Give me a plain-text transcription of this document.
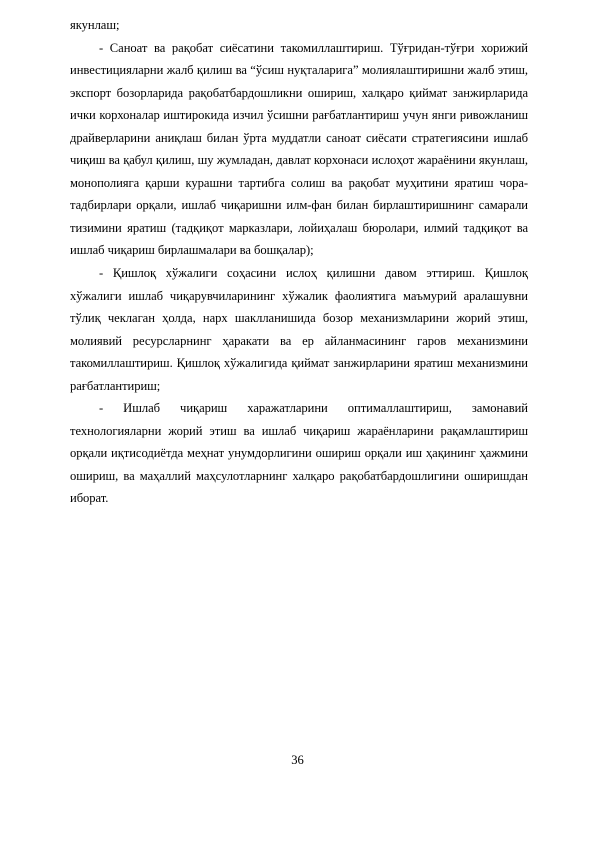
якунлаш;

- Саноат ва рақобат сиёсатини такомиллаштириш. Тўғридан-тўғри хорижий инвестицияларни жалб қилиш ва “ўсиш нуқталарига” молиялаштиришни жалб этиш, экспорт бозорларида рақобатбардошликни ошириш, халқаро қиймат занжирларида ички корхоналар иштирокида изчил ўсишни рағбатлантириш учун янги ривожланиш драйверларини аниқлаш билан ўрта муддатли саноат сиёсати стратегиясини ишлаб чиқиш ва қабул қилиш, шу жумладан, давлат корхонаси ислоҳот жараёнини якунлаш, монополияга қарши курашни тартибга солиш ва рақобат муҳитини яратиш чора-тадбирлари орқали, ишлаб чиқаришни илм-фан билан бирлаштиришнинг самарали тизимини яратиш (тадқиқот марказлари, лойиҳалаш бюролари, илмий тадқиқот ва ишлаб чиқариш бирлашмалари ва бошқалар);

- Қишлоқ хўжалиги соҳасини ислоҳ қилишни давом эттириш. Қишлоқ хўжалиги ишлаб чиқарувчиларининг хўжалик фаолиятига маъмурий аралашувни тўлиқ чеклаган ҳолда, нарх шаклланишида бозор механизмларини жорий этиш, молиявий ресурсларнинг ҳаракати ва ер айланмасининг гаров механизмини такомиллаштириш. Қишлоқ хўжалигида қиймат занжирларини яратиш механизмини рағбатлантириш;

- Ишлаб чиқариш харажатларини оптималлаштириш, замонавий технологияларни жорий этиш ва ишлаб чиқариш жараёнларини рақамлаштириш орқали иқтисодиётда меҳнат унумдорлигини ошириш орқали иш ҳақининг ҳажмини ошириш, ва маҳаллий маҳсулотларнинг халқаро рақобатбардошлигини оширишдан иборат.

36
